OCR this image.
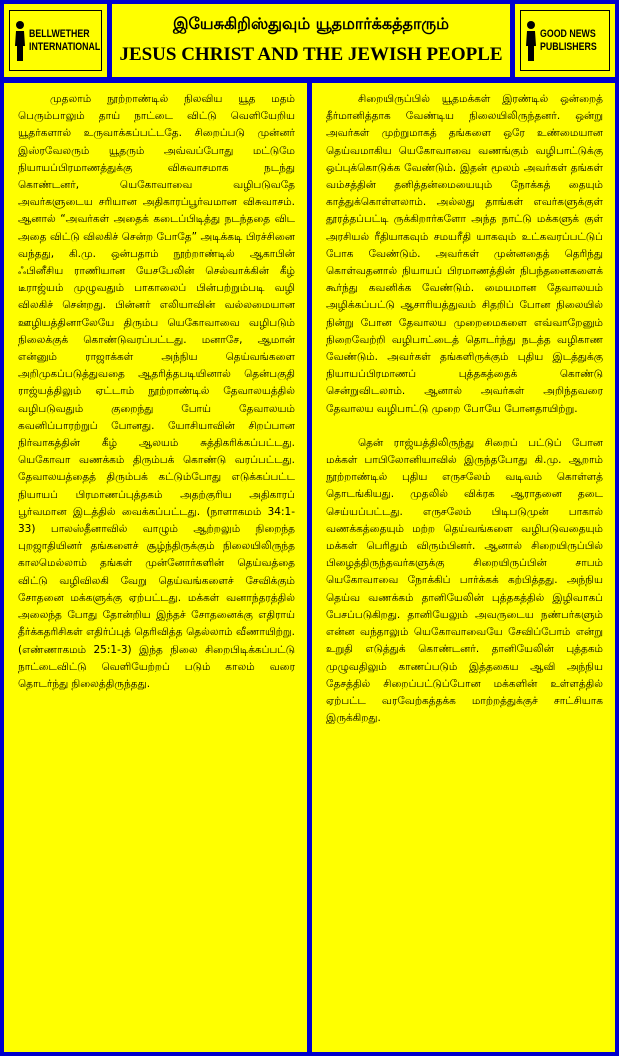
BELLWETHER
INTERNATIONAL
இயேசுகிறிஸ்துவும் யூதமார்க்கத்தாரும்
JESUS CHRIST AND THE JEWISH PEOPLE
GOOD NEWS
PUBLISHERS

முதலாம் நூற்றாண்டில் நிலவிய யூத மதம் பெரும்பாலும் தாய் நாட்டை விட்டு வெளியேறிய யூதர்களால் உருவாக்கப்பட்டதே. சிறைப்படு முன்னர் இஸ்ரவேலரும் யூதரும் அவ்வப்போது மட்டுமே நியாயப்பிரமாணத்துக்கு விசுவாசமாக நடந்து கொண்டனர், யெகோவாவை வழிபடுவதே அவர்களுடைய சரியான அதிகாரப்பூர்வமான விசுவாசம். ஆனால் “அவர்கள் அதைக் கடைப்பிடித்து நடந்ததை விட அதை விட்டு விலகிச் சென்ற போதே” அடிக்கடி பிரச்சினை வந்தது, கி.மு. ஒன்பதாம் நூற்றாண்டில் ஆகாபின் ஃபினீசிய ராணியான யேசபேலின் செல்வாக்கின் கீழ் டீராஜ்யம் முழுவதும் பாகாலைப் பின்பற்றும்படி வழி விலகிச் சென்றது. பின்னர் எலியாவின் வல்லமையான ஊழியத்தினாலேயே திரும்ப யெகோவாவை வழிபடும் நிலைக்குக் கொண்டுவரப்பட்டது. மனாசே, ஆமான் என்னும் ராஜாக்கள் அந்நிய தெய்வங்களை அறிமுகப்படுத்துவதை ஆதரித்தபடியினால் தென்பகுதி ராஜ்யத்திலும் ஏட்டாம் நூற்றாண்டில் தேவாலயத்தில் வழிபடுவதும் குறைந்து போய் தேவாலயம் கவனிப்பாரற்றுப் போனது. யோசியாவின் சிறப்பான நிர்வாகத்தின் கீழ் ஆலயம் சுத்திகரிக்கப்பட்டது. யெகோவா வணக்கம் திரும்பக் கொண்டு வரப்பட்டது. தேவாலயத்தைத் திரும்பக் கட்டும்போது எடுக்கப்பட்ட நியாயப் பிரமாணப்புத்தகம் அதற்குரிய அதிகாரப் பூர்வமான இடத்தில் வைக்கப்பட்டது. (நாளாகமம் 34:1-33) பாலஸ்தீனாவில் வாழும் ஆற்றலும் நிறைந்த புறஜாதியினர் தங்களைச் சூழ்ந்திருக்கும் நிலையிலிருந்த காலமெல்லாம் தங்கள் முன்னோர்களின் தெய்வத்தை விட்டு வழிவிலகி வேறு தெய்வங்களைச் சேவிக்கும் சோதனை மக்களுக்கு ஏற்பட்டது. மக்கள் வனாந்தரத்தில் அலைந்த போது தோன்றிய இந்தச் சோதனைக்கு எதிராய் தீர்க்கதரிசிகள் எதிர்ப்புத் தெரிவித்த தெல்லாம் வீணாயிற்று. (எண்ணாகமம் 25:1-3) இந்த நிலை சிறைபிடிக்கப்பட்டு நாட்டைவிட்டு வெளியேற்றப் படும் காலம் வரை தொடர்ந்து நிலைத்திருந்தது.

சிறையிருப்பில் யூதமக்கள் இரண்டில் ஒன்றைத் தீர்மானித்தாக வேண்டிய நிலையிலிருந்தனர். ஒன்று அவர்கள் முற்றுமாகத் தங்களை ஒரே உண்மையான தெய்வமாகிய யெகோவாவை வணங்கும் வழிபாட்டுக்கு ஒப்புக்கொடுக்க வேண்டும். இதன் மூலம் அவர்கள் தங்கள் வம்சத்தின் தனித்தன்மையையும் நோக்கத் தையும் காத்துக்கொள்ளலாம். அல்லது தாங்கள் எவர்களுக்குள் தூரத்தப்பட்டி ருக்கிறார்களோ அந்த நாட்டு மக்களுக் குள் அரசியல் ரீதியாகவும் சமயரீதி யாகவும் உட்கவரப்பட்டுப் போக வேண்டும். அவர்கள் முன்னதைத் தெரிந்து கொள்வதனால் நியாயப் பிரமாணத்தின் நிபந்தனைகளைக் கூர்ந்து கவனிக்க வேண்டும். மையமான தேவாலயம் அழிக்கப்பட்டு ஆசாரியத்துவம் சிதறிப் போன நிலையில் நின்று போன தேவாலய முறைமைகளை எவ்வாறேனும் நிறைவேற்றி வழிபாட்டைத் தொடர்ந்து நடத்த வழிகாண வேண்டும். அவர்கள் தங்களிருக்கும் புதிய இடத்துக்கு நியாயப்பிரமாணப் புத்தகத்தைக் கொண்டு சென்றுவிடலாம். ஆனால் அவர்கள் அறிந்தவரை தேவாலய வழிபாட்டு முறை போயே போனதாயிற்று.

தென் ராஜ்யத்திலிருந்து சிறைப் பட்டுப் போன மக்கள் பாபிலோனியாவில் இருந்தபோது கி.மு. ஆறாம் நூற்றாண்டில் புதிய எருசலேம் வடிவம் கொள்ளத் தொடங்கியது. முதலில் விக்ரக ஆராதனை தடை செய்யப்பட்டது. எருசலேம் பிடிபடுமுன் பாகால் வணக்கத்தையும் மற்ற தெய்வங்களை வழிபடுவதையும் மக்கள் பெரிதும் விரும்பினர். ஆனால் சிறையிருப்பில் பிழைத்திருந்தவர்களுக்கு சிறையிருப்பின் சாபம் யெகோவாவை நோக்கிப் பார்க்கக் கற்பித்தது. அந்நிய தெய்வ வணக்கம் தானியேலின் புத்தகத்தில் இழிவாகப் பேசப்படுகிறது. தானியேலும் அவருடைய நண்பர்களும் என்ன வந்தாலும் யெகோவாவையே சேவிப்போம் என்று உறுதி எடுத்துக் கொண்டனர். தானியேலின் புத்தகம் முழுவதிலும் காணப்படும் இத்தகைய ஆவி அந்நிய தேசத்தில் சிறைப்பட்டுப்போன மக்களின் உள்ளத்தில் ஏற்பட்ட வரவேற்கத்தக்க மாற்றத்துக்குச் சாட்சியாக இருக்கிறது.
